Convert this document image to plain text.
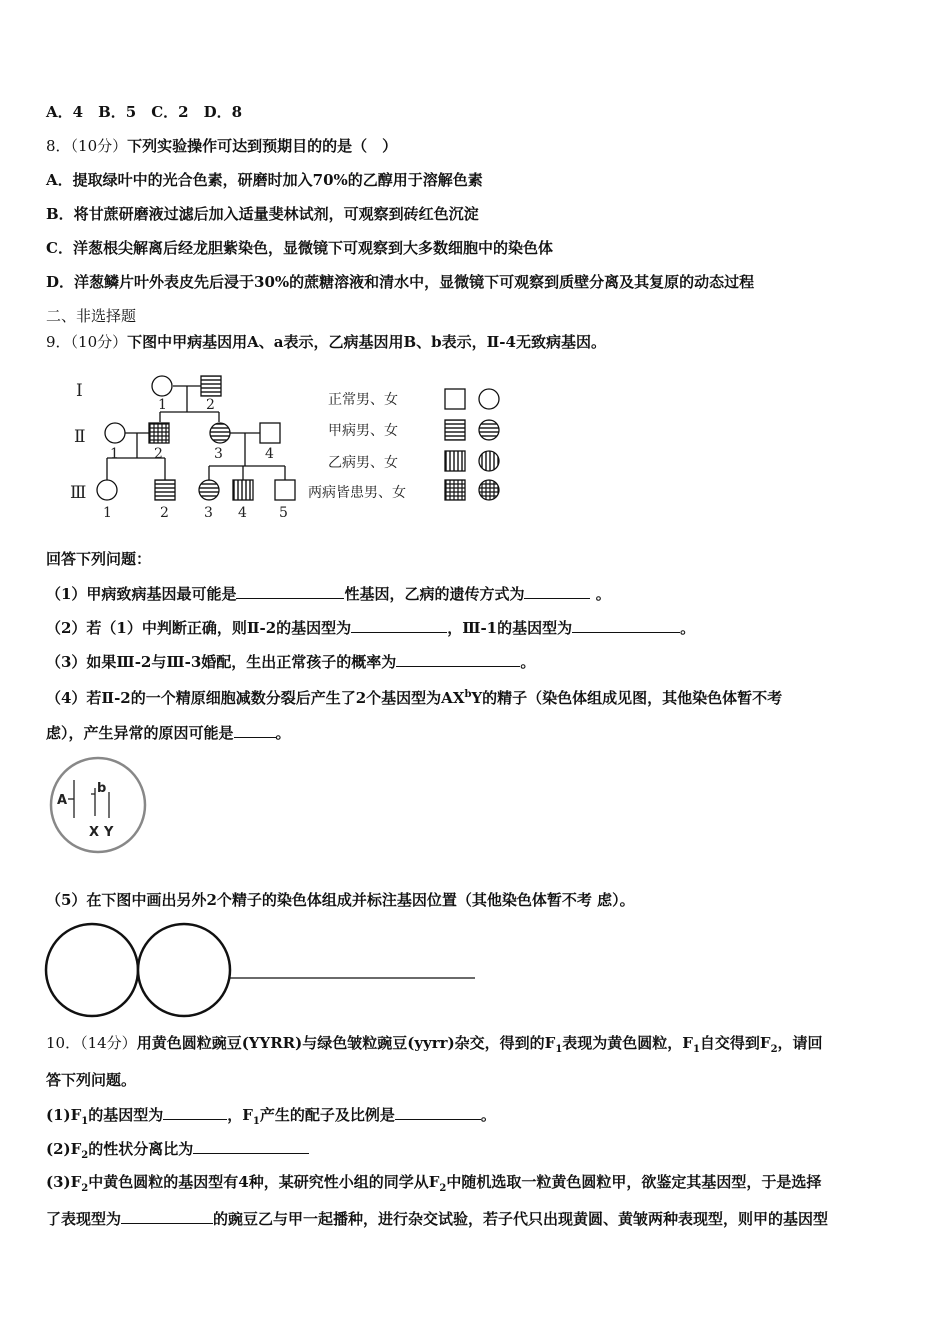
A．4　B．5　C．2　D．8
8．（10分）下列实验操作可达到预期目的的是（　）
A．提取绿叶中的光合色素，研磨时加入70%的乙醇用于溶解色素
B．将甘蔗研磨液过滤后加入适量斐林试剂，可观察到砖红色沉淀
C．洋葱根尖解离后经龙胆紫染色，显微镜下可观察到大多数细胞中的染色体
D．洋葱鳞片叶外表皮先后浸于30%的蔗糖溶液和清水中，显微镜下可观察到质壁分离及其复原的动态过程
二、非选择题
9．（10分）下图中甲病基因用A、a表示，乙病基因用B、b表示，Ⅱ-4无致病基因。
Ⅰ
Ⅱ
Ⅲ
1	2
1	2	3	4
1	2	3 4 5
正常男、女
甲病男、女
乙病男、女
两病皆患男、女
回答下列问题：
（1）甲病致病基因最可能是	性基因，乙病的遗传方式为	。
（2）若（1）中判断正确，则Ⅱ-2的基因型为	，Ⅲ-1的基因型为	。
（3）如果Ⅲ-2与Ⅲ-3婚配，生出正常孩子的概率为	。
（4）若Ⅱ-2的一个精原细胞减数分裂后产生了2个基因型为$AX^bY$的精子（染色体组成见图，其他染色体暂不考
虑），产生异常的原因可能是	。
A
b
X Y
（5）在下图中画出另外2个精子的染色体组成并标注基因位置（其他染色体暂不考 虑）。
10．（14分）用黄色圆粒豌豆(YYRR)与绿色皱粒豌豆(yyrr)杂交，得到的$F_1$表现为黄色圆粒，$F_1$自交得到$F_2$，请回
答下列问题。
$(1)F_1$的基因型为	，$F_1$产生的配子及比例是	。
$(2)F_2$的性状分离比为
$(3)F_2$中黄色圆粒的基因型有4种，某研究性小组的同学从$F_2$中随机选取一粒黄色圆粒甲，欲鉴定其基因型，于是选择
了表现型为	的豌豆乙与甲一起播种，进行杂交试验，若子代只出现黄圆、黄皱两种表现型，则甲的基因型
